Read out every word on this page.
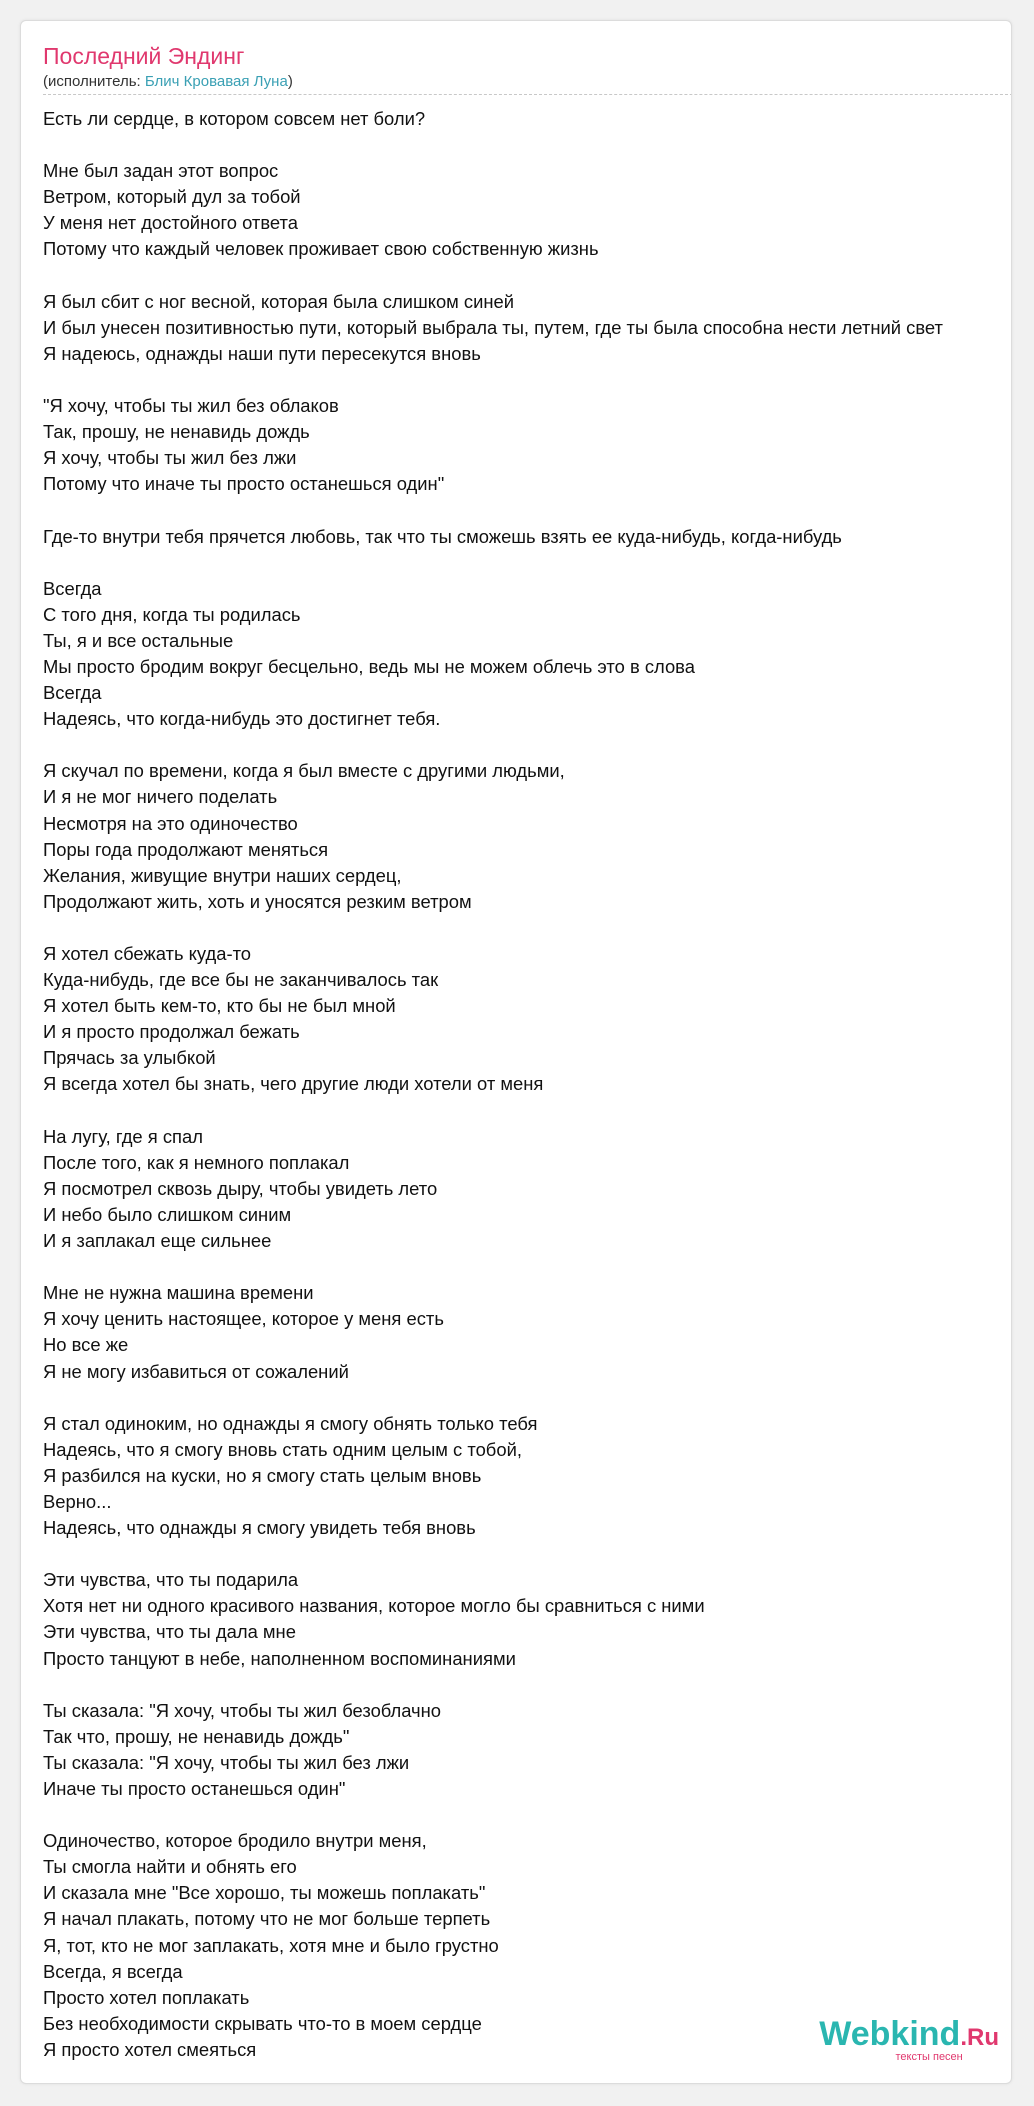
Последний Эндинг
(исполнитель: Блич Кровавая Луна)
Есть ли сердце, в котором совсем нет боли?
Мне был задан этот вопрос
Ветром, который дул за тобой
У меня нет достойного ответа
Потому что каждый человек проживает свою собственную жизнь
Я был сбит с ног весной, которая была слишком синей
И был унесен позитивностью пути, который выбрала ты, путем, где ты была способна нести летний свет
Я надеюсь, однажды наши пути пересекутся вновь
"Я хочу, чтобы ты жил без облаков
Так, прошу, не ненавидь дождь
Я хочу, чтобы ты жил без лжи
Потому что иначе ты просто останешься один"
Где-то внутри тебя прячется любовь, так что ты сможешь взять ее куда-нибудь, когда-нибудь
Всегда
С того дня, когда ты родилась
Ты, я и все остальные
Мы просто бродим вокруг бесцельно, ведь мы не можем облечь это в слова
Всегда
Надеясь, что когда-нибудь это достигнет тебя.
Я скучал по времени, когда я был вместе с другими людьми,
И я не мог ничего поделать
Несмотря на это одиночество
Поры года продолжают меняться
Желания, живущие внутри наших сердец,
Продолжают жить, хоть и уносятся резким ветром
Я хотел сбежать куда-то
Куда-нибудь, где все бы не заканчивалось так
Я хотел быть кем-то, кто бы не был мной
И я просто продолжал бежать
Прячась за улыбкой
Я всегда хотел бы знать, чего другие люди хотели от меня
На лугу, где я спал
После того, как я немного поплакал
Я посмотрел сквозь дыру, чтобы увидеть лето
И небо было слишком синим
И я заплакал еще сильнее
Мне не нужна машина времени
Я хочу ценить настоящее, которое у меня есть
Но все же
Я не могу избавиться от сожалений
Я стал одиноким, но однажды я смогу обнять только тебя
Надеясь, что я смогу вновь стать одним целым с тобой,
Я разбился на куски, но я смогу стать целым вновь
Верно...
Надеясь, что однажды я смогу увидеть тебя вновь
Эти чувства, что ты подарила
Хотя нет ни одного красивого названия, которое могло бы сравниться с ними
Эти чувства, что ты дала мне
Просто танцуют в небе, наполненном воспоминаниями
Ты сказала: "Я хочу, чтобы ты жил безоблачно
Так что, прошу, не ненавидь дождь"
Ты сказала: "Я хочу, чтобы ты жил без лжи
Иначе ты просто останешься один"
Одиночество, которое бродило внутри меня,
Ты смогла найти и обнять его
И сказала мне "Все хорошо, ты можешь поплакать"
Я начал плакать, потому что не мог больше терпеть
Я, тот, кто не мог заплакать, хотя мне и было грустно
Всегда, я всегда
Просто хотел поплакать
Без необходимости скрывать что-то в моем сердце
Я просто хотел смеяться	Webkind.Ru
тексты песен
